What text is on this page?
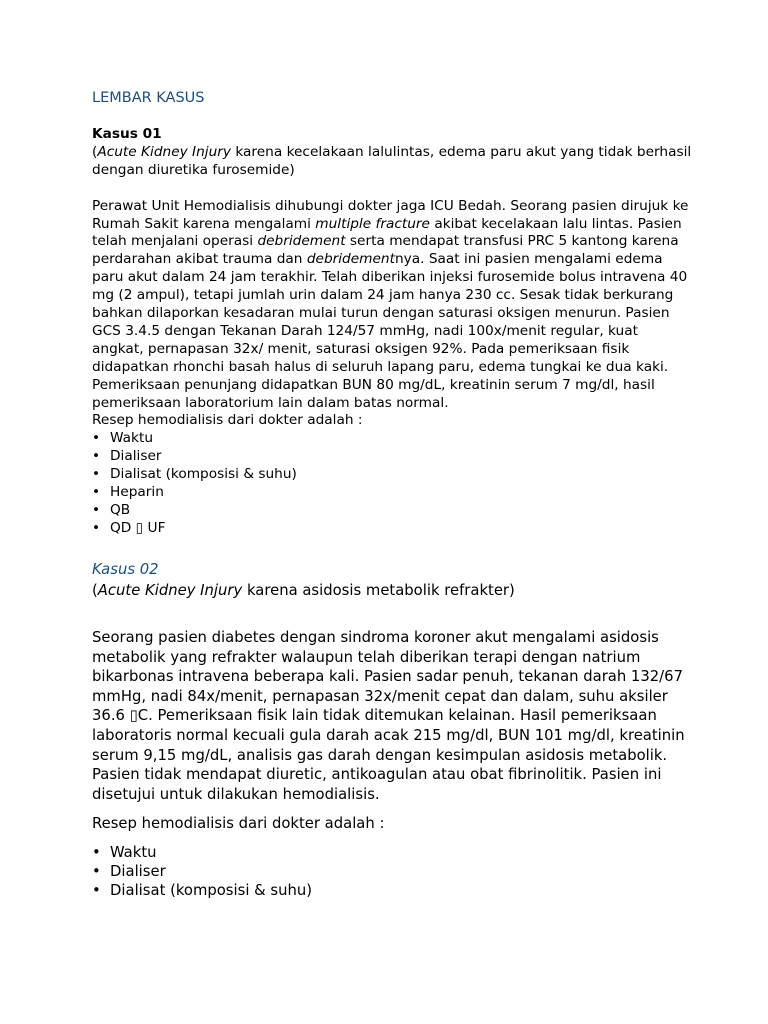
LEMBAR KASUS

Kasus 01

(Acute Kidney Injury karena kecelakaan lalulintas, edema paru akut yang tidak berhasil dengan diuretika furosemide)

Perawat Unit Hemodialisis dihubungi dokter jaga ICU Bedah. Seorang pasien dirujuk ke Rumah Sakit karena mengalami multiple fracture akibat kecelakaan lalu lintas. Pasien telah menjalani operasi debridement serta mendapat transfusi PRC 5 kantong karena perdarahan akibat trauma dan debridementnya. Saat ini pasien mengalami edema paru akut dalam 24 jam terakhir. Telah diberikan injeksi furosemide bolus intravena 40 mg (2 ampul), tetapi jumlah urin dalam 24 jam hanya 230 cc. Sesak tidak berkurang bahkan dilaporkan kesadaran mulai turun dengan saturasi oksigen menurun. Pasien GCS 3.4.5 dengan Tekanan Darah 124/57 mmHg, nadi 100x/menit regular, kuat angkat, pernapasan 32x/ menit, saturasi oksigen 92%. Pada pemeriksaan fisik didapatkan rhonchi basah halus di seluruh lapang paru, edema tungkai ke dua kaki. Pemeriksaan penunjang didapatkan BUN 80 mg/dL, kreatinin serum 7 mg/dl, hasil pemeriksaan laboratorium lain dalam batas normal.

Resep hemodialisis dari dokter adalah :

• Waktu
• Dialiser
• Dialisat (komposisi & suhu)
• Heparin
• QB
• QD ▯ UF

Kasus 02

(Acute Kidney Injury karena asidosis metabolik refrakter)

Seorang pasien diabetes dengan sindroma koroner akut mengalami asidosis metabolik yang refrakter walaupun telah diberikan terapi dengan natrium bikarbonas intravena beberapa kali. Pasien sadar penuh, tekanan darah 132/67 mmHg, nadi 84x/menit, pernapasan 32x/menit cepat dan dalam, suhu aksiler 36.6 ▯C. Pemeriksaan fisik lain tidak ditemukan kelainan. Hasil pemeriksaan laboratoris normal kecuali gula darah acak 215 mg/dl, BUN 101 mg/dl, kreatinin serum 9,15 mg/dL, analisis gas darah dengan kesimpulan asidosis metabolik. Pasien tidak mendapat diuretic, antikoagulan atau obat fibrinolitik. Pasien ini disetujui untuk dilakukan hemodialisis.

Resep hemodialisis dari dokter adalah :

• Waktu
• Dialiser
• Dialisat (komposisi & suhu)
